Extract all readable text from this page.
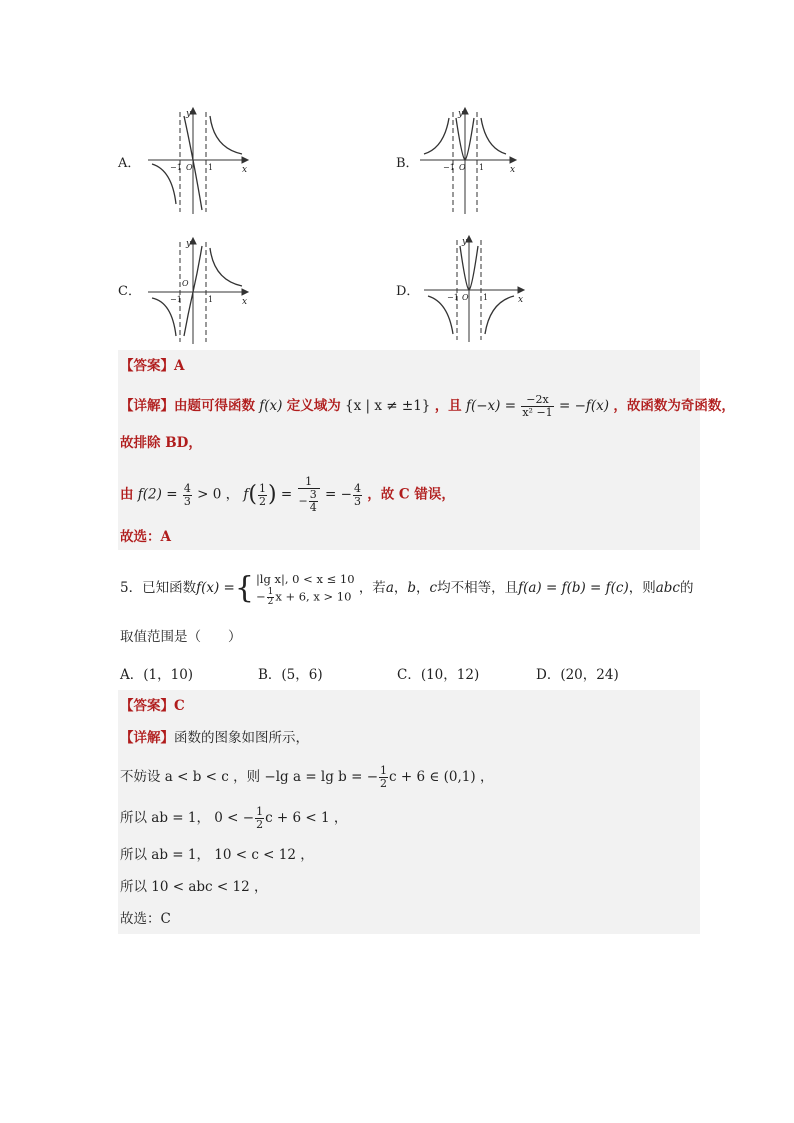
A．
y
x
−1 O 1	B．
y
x
−1 O 1
C．
y
x
−1
O
1
D．
y
x
−1 O 1
【答案】A
【详解】由题可得函数 f(x) 定义域为 {x | x ≠ ±1} ，且 $f(-x) = \frac{-2x}{\text{x² −1}} = -f(x)$ ，故函数为奇函数，
故排除 BD，
由 $f(2) = \frac{4}{3} > 0$ ， $f( \frac{1}{2}$ ) = $\frac{1}{- \frac{3}{4}}$ = − $\frac{4}{3}$ ，故 C 错误，
故选：A
5．已知函数f(x) ={ |lg x|, 0 < x ≤ 10
− $\frac{1}{2}$ x + 6, x > 10 ，若a，b，c均不相等，且f(a) = f(b) = f(c)，则abc的
取值范围是（　　）
A．(1，10)	B．(5，6)	C．(10，12)	D．(20，24)
【答案】C
【详解】函数的图象如图所示，
不妨设 a < b < c ，则 −lg a = lg b = − $\frac{1}{2}$ c + 6 ∈ (0,1) ，
所以 ab = 1， 0 < − $\frac{1}{2}$ c + 6 < 1 ，
所以 ab = 1， 10 < c < 12 ，
所以 10 < abc < 12 ，
故选：C
